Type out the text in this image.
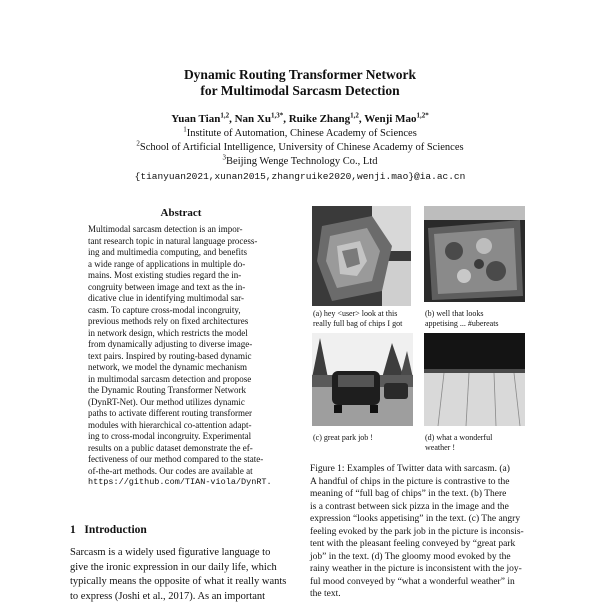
Dynamic Routing Transformer Network
for Multimodal Sarcasm Detection
Yuan Tian$^{1,2}$, Nan $Xu^{1,3*}$, Ruike Zhang$^{1,2}$, Wenji Mao$^{1,2*}$
$^1$Institute of Automation, Chinese Academy of Sciences
$^2$School of Artificial Intelligence, University of Chinese Academy of Sciences
$^3$Beijing Wenge Technology Co., Ltd
{tianyuan2021,xunan2015,zhangruike2020,wenji.mao}@ia.ac.cn
Abstract
Multimodal sarcasm detection is an impor-
tant research topic in natural language process-
ing and multimedia computing, and benefits
a wide range of applications in multiple do-
mains. Most existing studies regard the in-
congruity between image and text as the in-
dicative clue in identifying multimodal sar-
casm. To capture cross-modal incongruity,
previous methods rely on fixed architectures
in network design, which restricts the model
from dynamically adjusting to diverse image-
text pairs. Inspired by routing-based dynamic
network, we model the dynamic mechanism
in multimodal sarcasm detection and propose
the Dynamic Routing Transformer Network
(DynRT-Net). Our method utilizes dynamic
paths to activate different routing transformer
modules with hierarchical co-attention adapt-
ing to cross-modal incongruity. Experimental
results on a public dataset demonstrate the ef-
fectiveness of our method compared to the state-
of-the-art methods. Our codes are available at
https://github.com/TIAN-viola/DynRT.
1 Introduction
Sarcasm is a widely used figurative language to
give the ironic expression in our daily life, which
typically means the opposite of what it really wants
to express (Joshi et al., 2017). As an important
(a) hey <user> look at this
really full bag of chips I got
(b) well that looks
appetising ... #ubereats
(c) great park job !	(d) what a wonderful
weather !
Figure 1: Examples of Twitter data with sarcasm. (a)
A handful of chips in the picture is contrastive to the
meaning of “full bag of chips” in the text. (b) There
is a contrast between sick pizza in the image and the
expression “looks appetising” in the text. (c) The angry
feeling evoked by the park job in the picture is inconsis-
tent with the pleasant feeling conveyed by “great park
job” in the text. (d) The gloomy mood evoked by the
rainy weather in the picture is inconsistent with the joy-
ful mood conveyed by “what a wonderful weather” in
the text.
